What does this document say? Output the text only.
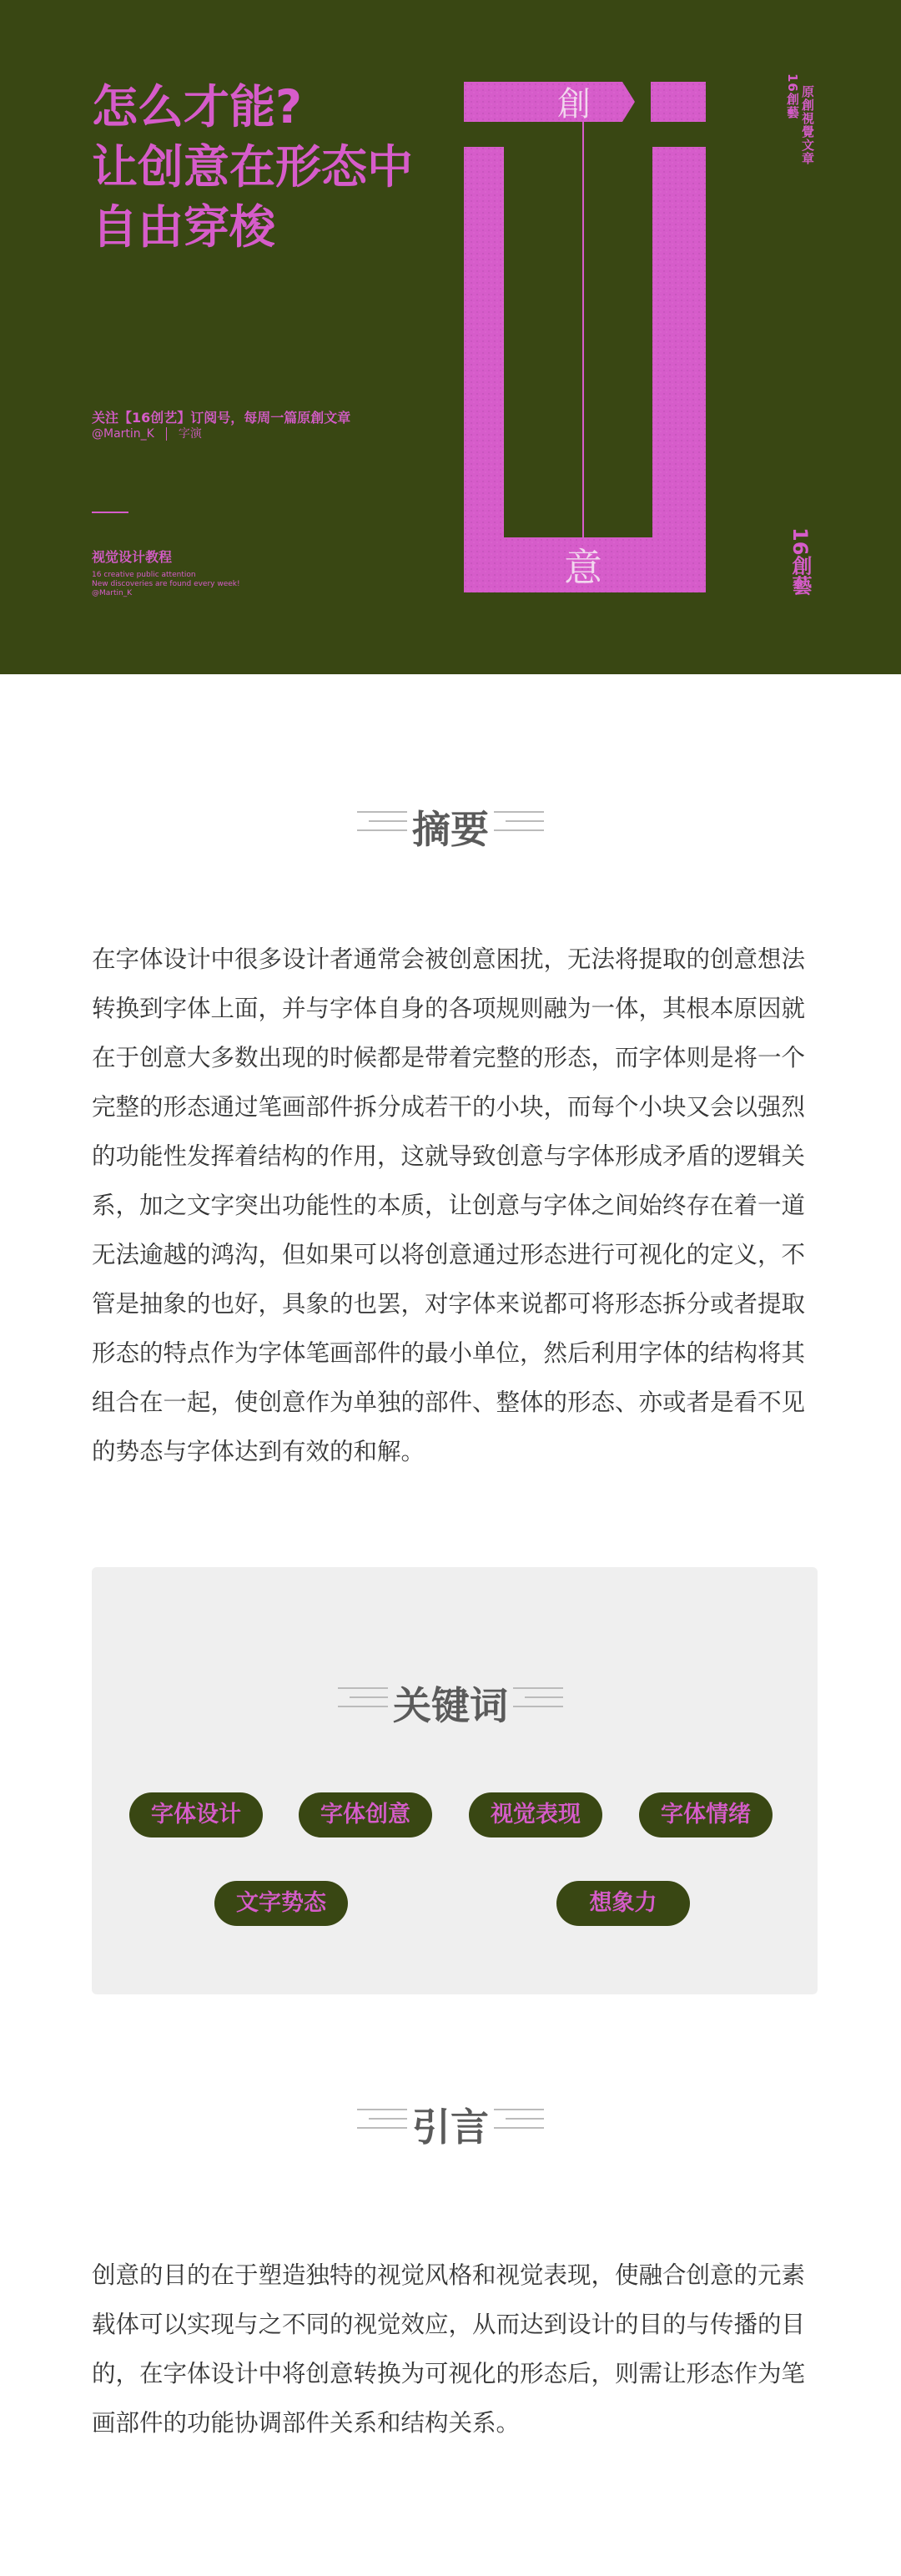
怎么才能?
让创意在形态中
自由穿梭
关注【16创艺】订阅号，每周一篇原創文章
@Martin_K 字演
视觉设计教程
16 creative public attention
New discoveries are found every week!
@Martin_K
創
意
16創藝 原創視覺文章
16創藝
摘要

在字体设计中很多设计者通常会被创意困扰，无法将提取的创意想法转换到字体上面，并与字体自身的各项规则融为一体，其根本原因就在于创意大多数出现的时候都是带着完整的形态，而字体则是将一个完整的形态通过笔画部件拆分成若干的小块，而每个小块又会以强烈的功能性发挥着结构的作用，这就导致创意与字体形成矛盾的逻辑关系，加之文字突出功能性的本质，让创意与字体之间始终存在着一道无法逾越的鸿沟，但如果可以将创意通过形态进行可视化的定义，不管是抽象的也好，具象的也罢，对字体来说都可将形态拆分或者提取形态的特点作为字体笔画部件的最小单位，然后利用字体的结构将其组合在一起，使创意作为单独的部件、整体的形态、亦或者是看不见的势态与字体达到有效的和解。

关键词
字体设计	字体创意	视觉表现	字体情绪
文字势态	想象力
引言

创意的目的在于塑造独特的视觉风格和视觉表现，使融合创意的元素载体可以实现与之不同的视觉效应，从而达到设计的目的与传播的目的，在字体设计中将创意转换为可视化的形态后，则需让形态作为笔画部件的功能协调部件关系和结构关系。
